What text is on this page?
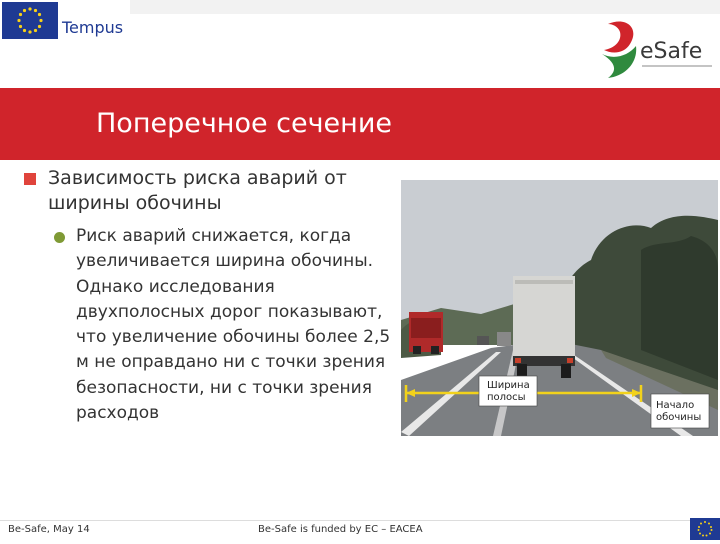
Tempus
eSafe
Поперечное сечение
Зависимость риска аварий от ширины обочины
Риск аварий снижается, когда увеличивается ширина обочины. Однако исследования двухполосных дорог показывают, что увеличение обочины более 2,5 м не оправдано ни с точки зрения безопасности, ни с точки зрения расходов
Ширина полосы
Начало обочины
Be-Safe, May 14	Be-Safe is funded by EC – EACEA
